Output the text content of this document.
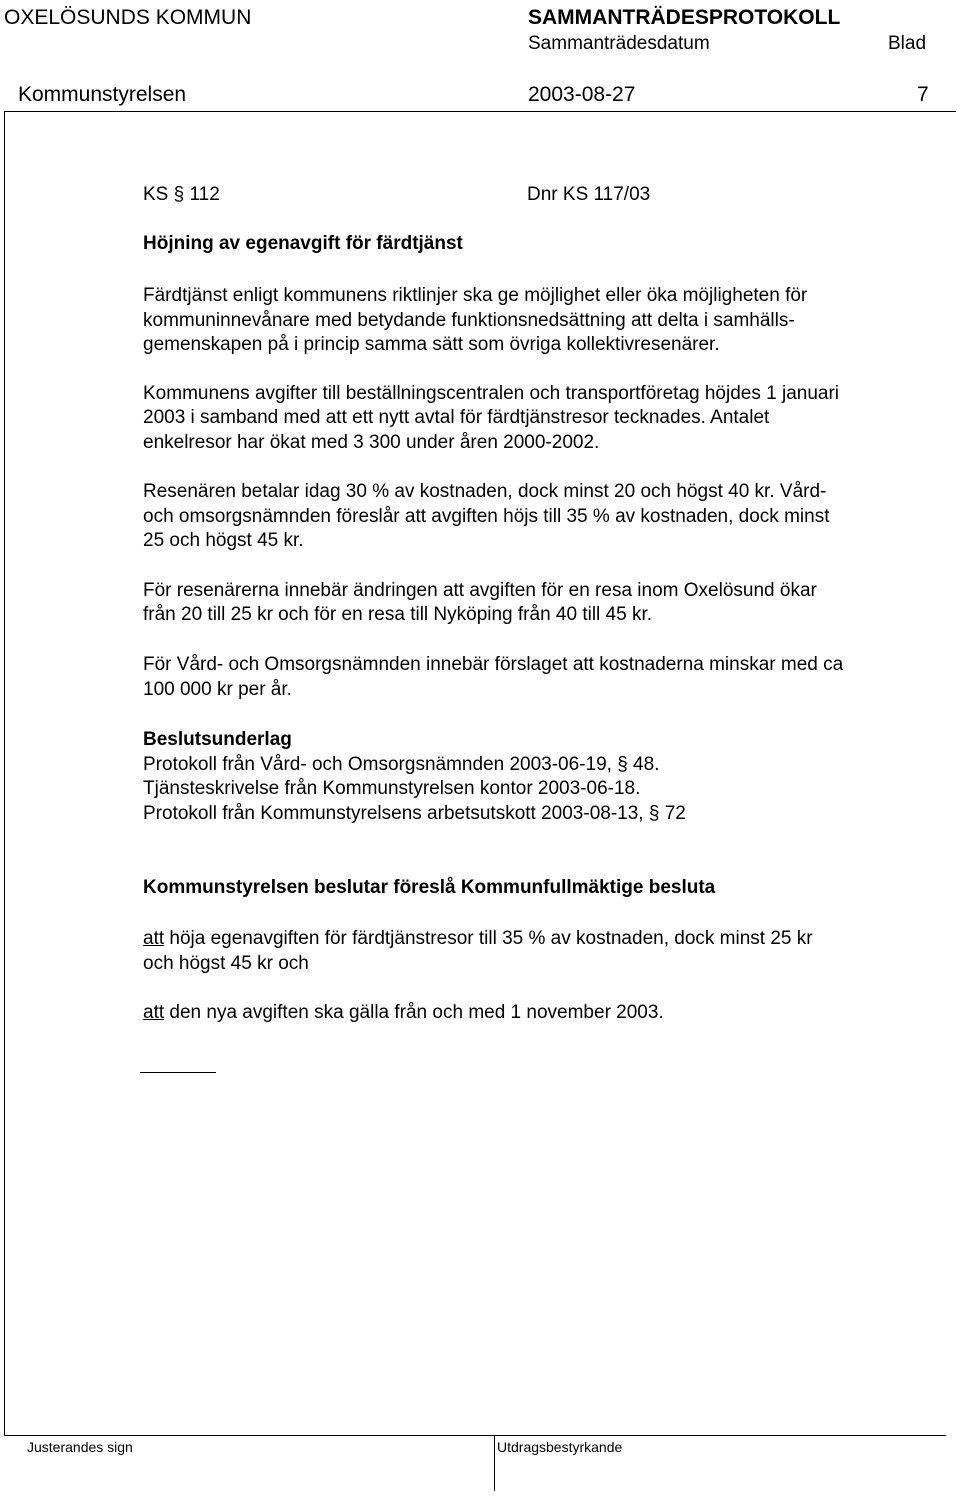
OXELÖSUNDS KOMMUN	SAMMANTRÄDESPROTOKOLL
Sammanträdesdatum	Blad
Kommunstyrelsen	2003-08-27	7
KS § 112	Dnr KS 117/03
Höjning av egenavgift för färdtjänst
Färdtjänst enligt kommunens riktlinjer ska ge möjlighet eller öka möjligheten för
kommuninnevånare med betydande funktionsnedsättning att delta i samhälls-
gemenskapen på i princip samma sätt som övriga kollektivresenärer.
Kommunens avgifter till beställningscentralen och transportföretag höjdes 1 januari
2003 i samband med att ett nytt avtal för färdtjänstresor tecknades. Antalet
enkelresor har ökat med 3 300 under åren 2000-2002.
Resenären betalar idag 30 % av kostnaden, dock minst 20 och högst 40 kr. Vård-
och omsorgsnämnden föreslår att avgiften höjs till 35 % av kostnaden, dock minst
25 och högst 45 kr.
För resenärerna innebär ändringen att avgiften för en resa inom Oxelösund ökar
från 20 till 25 kr och för en resa till Nyköping från 40 till 45 kr.
För Vård- och Omsorgsnämnden innebär förslaget att kostnaderna minskar med ca
100 000 kr per år.
Beslutsunderlag
Protokoll från Vård- och Omsorgsnämnden 2003-06-19, § 48.
Tjänsteskrivelse från Kommunstyrelsen kontor 2003-06-18.
Protokoll från Kommunstyrelsens arbetsutskott 2003-08-13, § 72
Kommunstyrelsen beslutar föreslå Kommunfullmäktige besluta
att höja egenavgiften för färdtjänstresor till 35 % av kostnaden, dock minst 25 kr
och högst 45 kr och
att den nya avgiften ska gälla från och med 1 november 2003.
Justerandes sign	Utdragsbestyrkande
